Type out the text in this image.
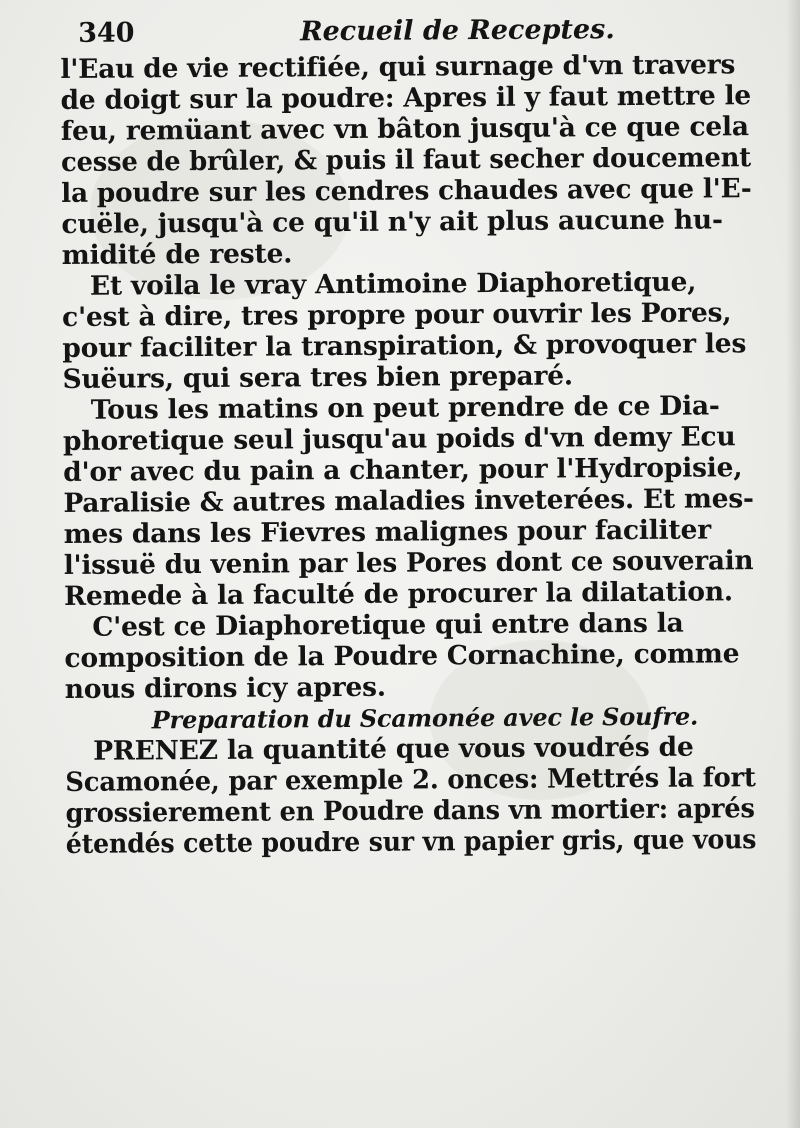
340	Recueil de Receptes.
l'Eau de vie rectifiée, qui surnage d'vn travers
de doigt sur la poudre: Apres il y faut mettre le
feu, remüant avec vn bâton jusqu'à ce que cela
cesse de brûler, & puis il faut secher doucement
la poudre sur les cendres chaudes avec que l'E-
cuële, jusqu'à ce qu'il n'y ait plus aucune hu-
midité de reste.
Et voila le vray Antimoine Diaphoretique,
c'est à dire, tres propre pour ouvrir les Pores,
pour faciliter la transpiration, & provoquer les
Suëurs, qui sera tres bien preparé.
Tous les matins on peut prendre de ce Dia-
phoretique seul jusqu'au poids d'vn demy Ecu
d'or avec du pain a chanter, pour l'Hydropisie,
Paralisie & autres maladies inveterées. Et mes-
mes dans les Fievres malignes pour faciliter
l'issuë du venin par les Pores dont ce souverain
Remede à la faculté de procurer la dilatation.
C'est ce Diaphoretique qui entre dans la
composition de la Poudre Cornachine, comme
nous dirons icy apres.
Preparation du Scamonée avec le Soufre.
PRENEZ la quantité que vous voudrés de
Scamonée, par exemple 2. onces: Mettrés la fort
grossierement en Poudre dans vn mortier: aprés
étendés cette poudre sur vn papier gris, que vous
